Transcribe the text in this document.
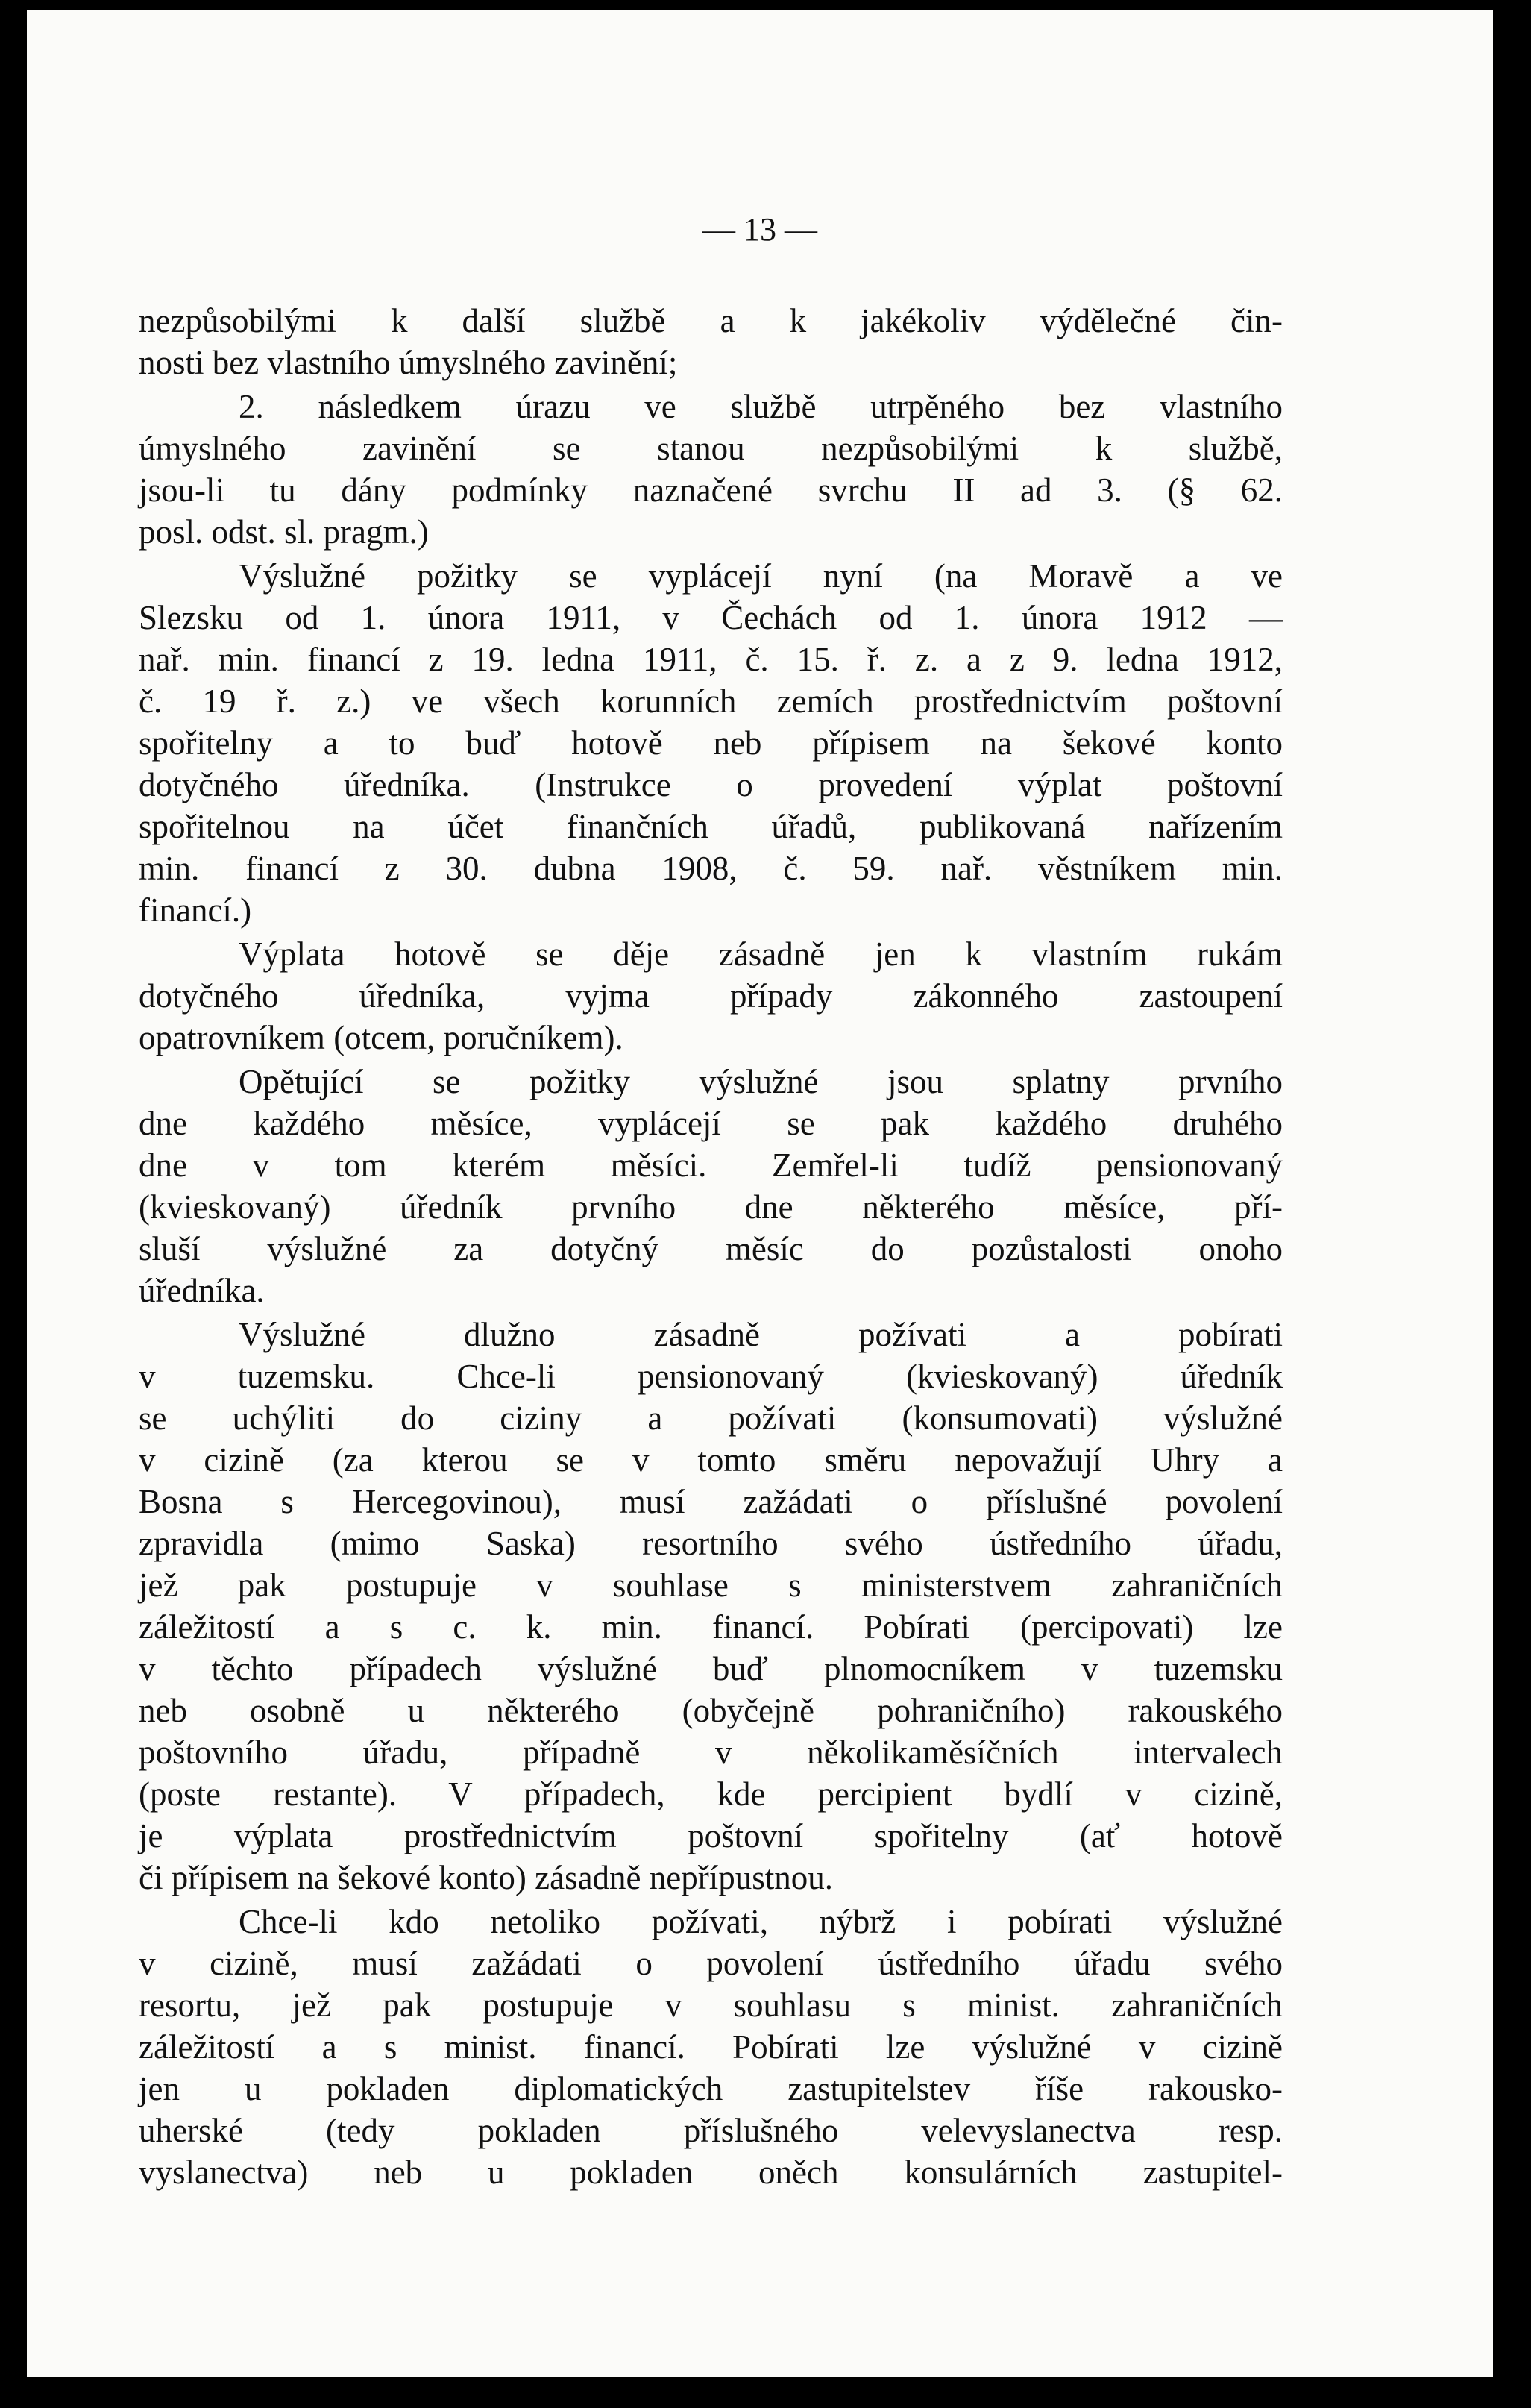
— 13 —
nezpůsobilými k další službě a k jakékoliv výdělečné čin-
nosti bez vlastního úmyslného zavinění;
2. následkem úrazu ve službě utrpěného bez vlastního
úmyslného zavinění se stanou nezpůsobilými k službě,
jsou-li tu dány podmínky naznačené svrchu II ad 3. (§ 62.
posl. odst. sl. pragm.)
Výslužné požitky se vyplácejí nyní (na Moravě a ve
Slezsku od 1. února 1911, v Čechách od 1. února 1912 —
nař. min. financí z 19. ledna 1911, č. 15. ř. z. a z 9. ledna 1912,
č. 19 ř. z.) ve všech korunních zemích prostřednictvím poštovní
spořitelny a to buď hotově neb přípisem na šekové konto
dotyčného úředníka. (Instrukce o provedení výplat poštovní
spořitelnou na účet finančních úřadů, publikovaná nařízením
min. financí z 30. dubna 1908, č. 59. nař. věstníkem min.
financí.)
Výplata hotově se děje zásadně jen k vlastním rukám
dotyčného úředníka, vyjma případy zákonného zastoupení
opatrovníkem (otcem, poručníkem).
Opětující se požitky výslužné jsou splatny prvního
dne každého měsíce, vyplácejí se pak každého druhého
dne v tom kterém měsíci. Zemřel-li tudíž pensionovaný
(kvieskovaný) úředník prvního dne některého měsíce, pří-
sluší výslužné za dotyčný měsíc do pozůstalosti onoho
úředníka.
Výslužné dlužno zásadně požívati a pobírati
v tuzemsku. Chce-li pensionovaný (kvieskovaný) úředník
se uchýliti do ciziny a požívati (konsumovati) výslužné
v cizině (za kterou se v tomto směru nepovažují Uhry a
Bosna s Hercegovinou), musí zažádati o příslušné povolení
zpravidla (mimo Saska) resortního svého ústředního úřadu,
jež pak postupuje v souhlase s ministerstvem zahraničních
záležitostí a s c. k. min. financí. Pobírati (percipovati) lze
v těchto případech výslužné buď plnomocníkem v tuzemsku
neb osobně u některého (obyčejně pohraničního) rakouského
poštovního úřadu, případně v několikaměsíčních intervalech
(poste restante). V případech, kde percipient bydlí v cizině,
je výplata prostřednictvím poštovní spořitelny (ať hotově
či přípisem na šekové konto) zásadně nepřípustnou.
Chce-li kdo netoliko požívati, nýbrž i pobírati výslužné
v cizině, musí zažádati o povolení ústředního úřadu svého
resortu, jež pak postupuje v souhlasu s minist. zahraničních
záležitostí a s minist. financí. Pobírati lze výslužné v cizině
jen u pokladen diplomatických zastupitelstev říše rakousko-
uherské (tedy pokladen příslušného velevyslanectva resp.
vyslanectva) neb u pokladen oněch konsulárních zastupitel-
